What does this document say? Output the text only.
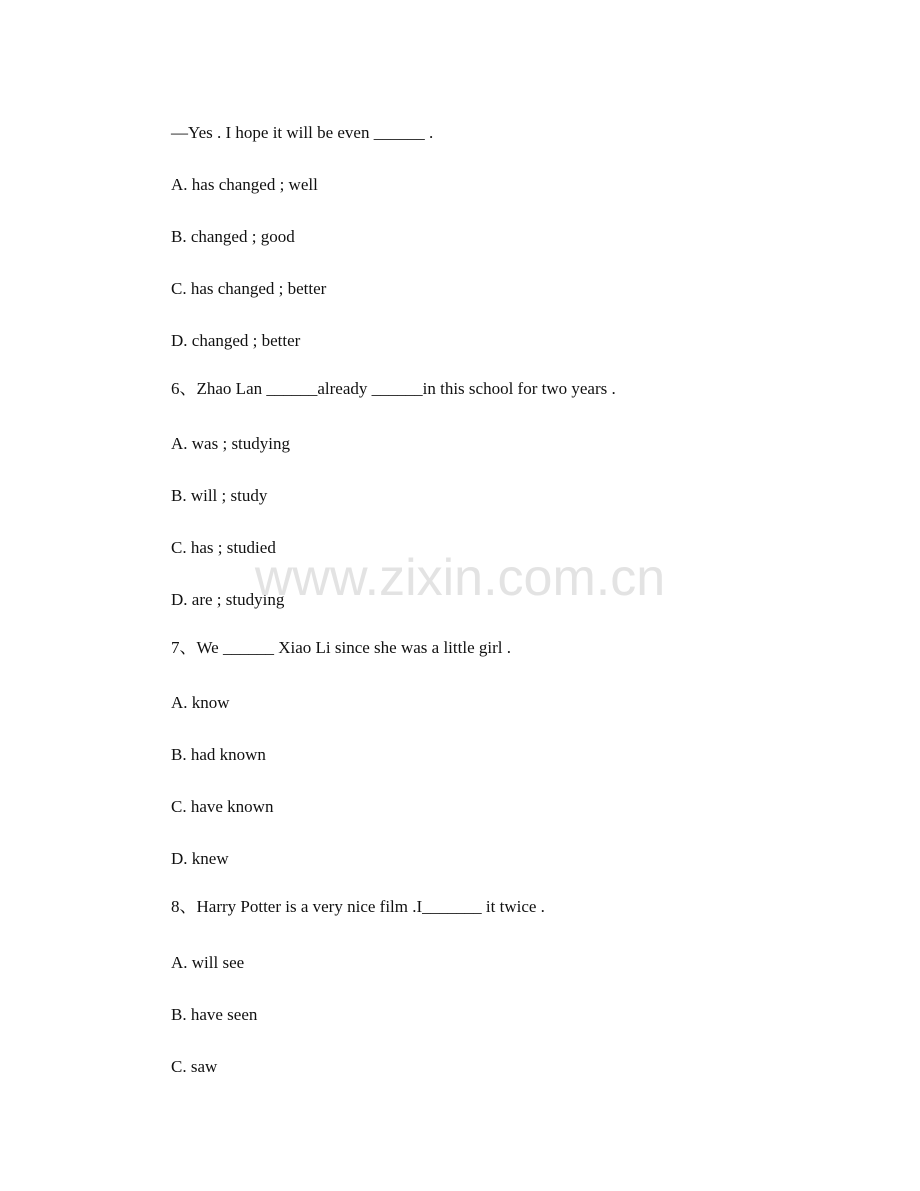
—Yes . I hope it will be even ______ .
A. has changed ; well
B. changed ; good
C. has changed ; better
D. changed ; better
6、Zhao Lan ______already ______in this school for two years .
A. was ; studying
B. will ; study
C. has ; studied
D. are ; studying
7、We ______ Xiao Li since she was a little girl .
A. know
B. had known
C. have known
D. knew
8、Harry Potter is a very nice film .I_______ it twice .
A. will see
B. have seen
C. saw
www.zixin.com.cn
